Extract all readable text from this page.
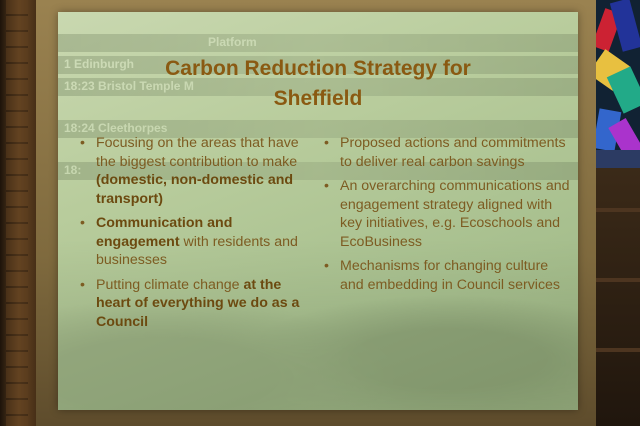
Platform
1 Edinburgh
18:23 Bristol Temple M
18:24 Cleethorpes
18:
Carbon Reduction Strategy for
Sheffield
• Focusing on the areas that have the biggest contribution to make (domestic, non-domestic and transport)
• Communication and engagement with residents and businesses
• Putting climate change at the heart of everything we do as a Council
• Proposed actions and commitments to deliver real carbon savings
• An overarching communications and engagement strategy aligned with key initiatives, e.g. Ecoschools and EcoBusiness
• Mechanisms for changing culture and embedding in Council services
